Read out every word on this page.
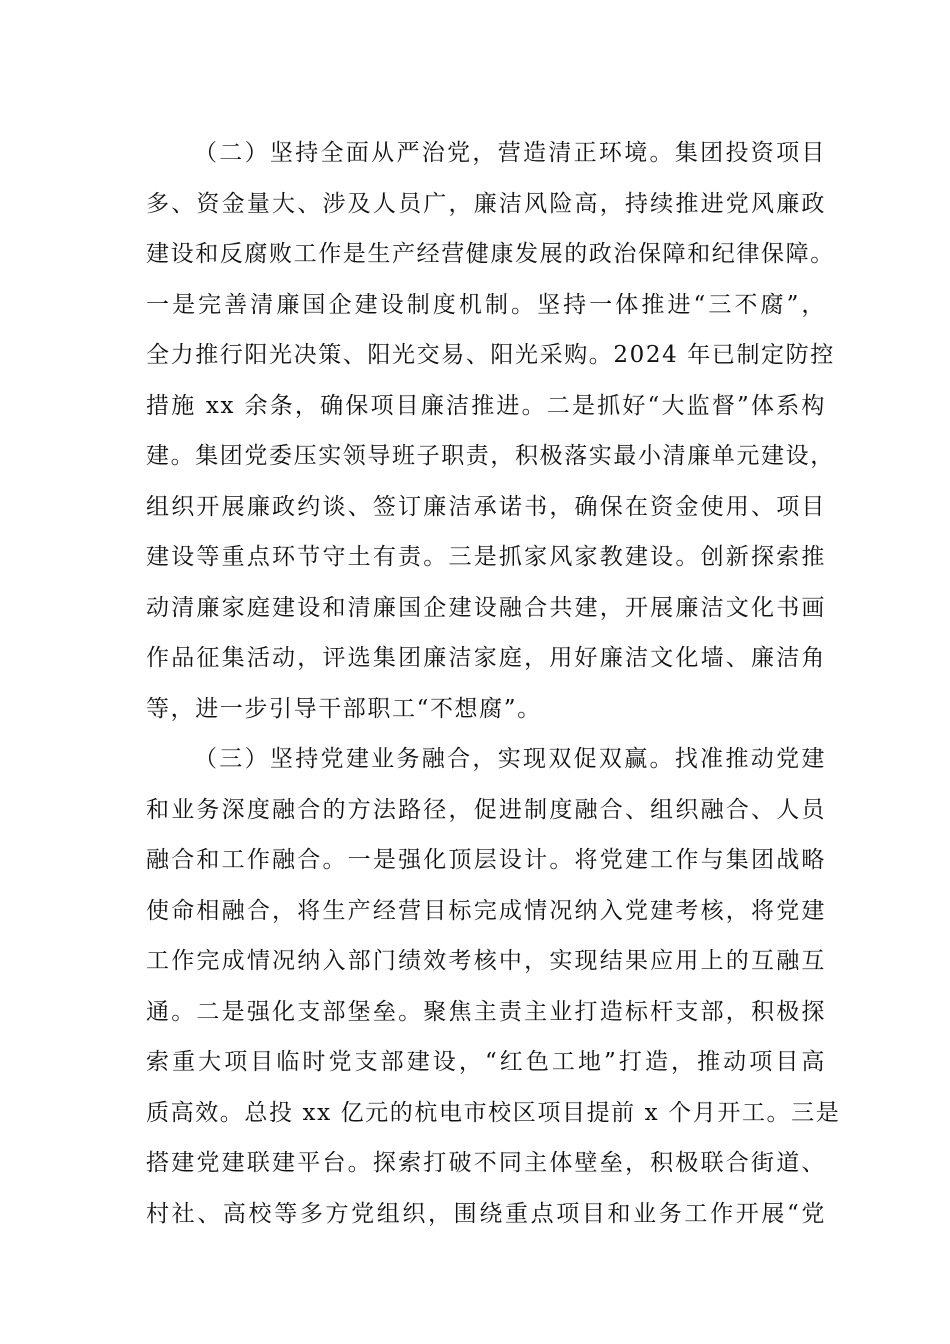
（二）坚持全面从严治党，营造清正环境。集团投资项目
多、资金量大、涉及人员广，廉洁风险高，持续推进党风廉政
建设和反腐败工作是生产经营健康发展的政治保障和纪律保障。
一是完善清廉国企建设制度机制。坚持一体推进“三不腐”，
全力推行阳光决策、阳光交易、阳光采购。2024 年已制定防控
措施 xx 余条，确保项目廉洁推进。二是抓好“大监督”体系构
建。集团党委压实领导班子职责，积极落实最小清廉单元建设，
组织开展廉政约谈、签订廉洁承诺书，确保在资金使用、项目
建设等重点环节守土有责。三是抓家风家教建设。创新探索推
动清廉家庭建设和清廉国企建设融合共建，开展廉洁文化书画
作品征集活动，评选集团廉洁家庭，用好廉洁文化墙、廉洁角
等，进一步引导干部职工“不想腐”。
（三）坚持党建业务融合，实现双促双赢。找准推动党建
和业务深度融合的方法路径，促进制度融合、组织融合、人员
融合和工作融合。一是强化顶层设计。将党建工作与集团战略
使命相融合，将生产经营目标完成情况纳入党建考核，将党建
工作完成情况纳入部门绩效考核中，实现结果应用上的互融互
通。二是强化支部堡垒。聚焦主责主业打造标杆支部，积极探
索重大项目临时党支部建设，“红色工地”打造，推动项目高
质高效。总投 xx 亿元的杭电市校区项目提前 x 个月开工。三是
搭建党建联建平台。探索打破不同主体壁垒，积极联合街道、
村社、高校等多方党组织，围绕重点项目和业务工作开展“党
